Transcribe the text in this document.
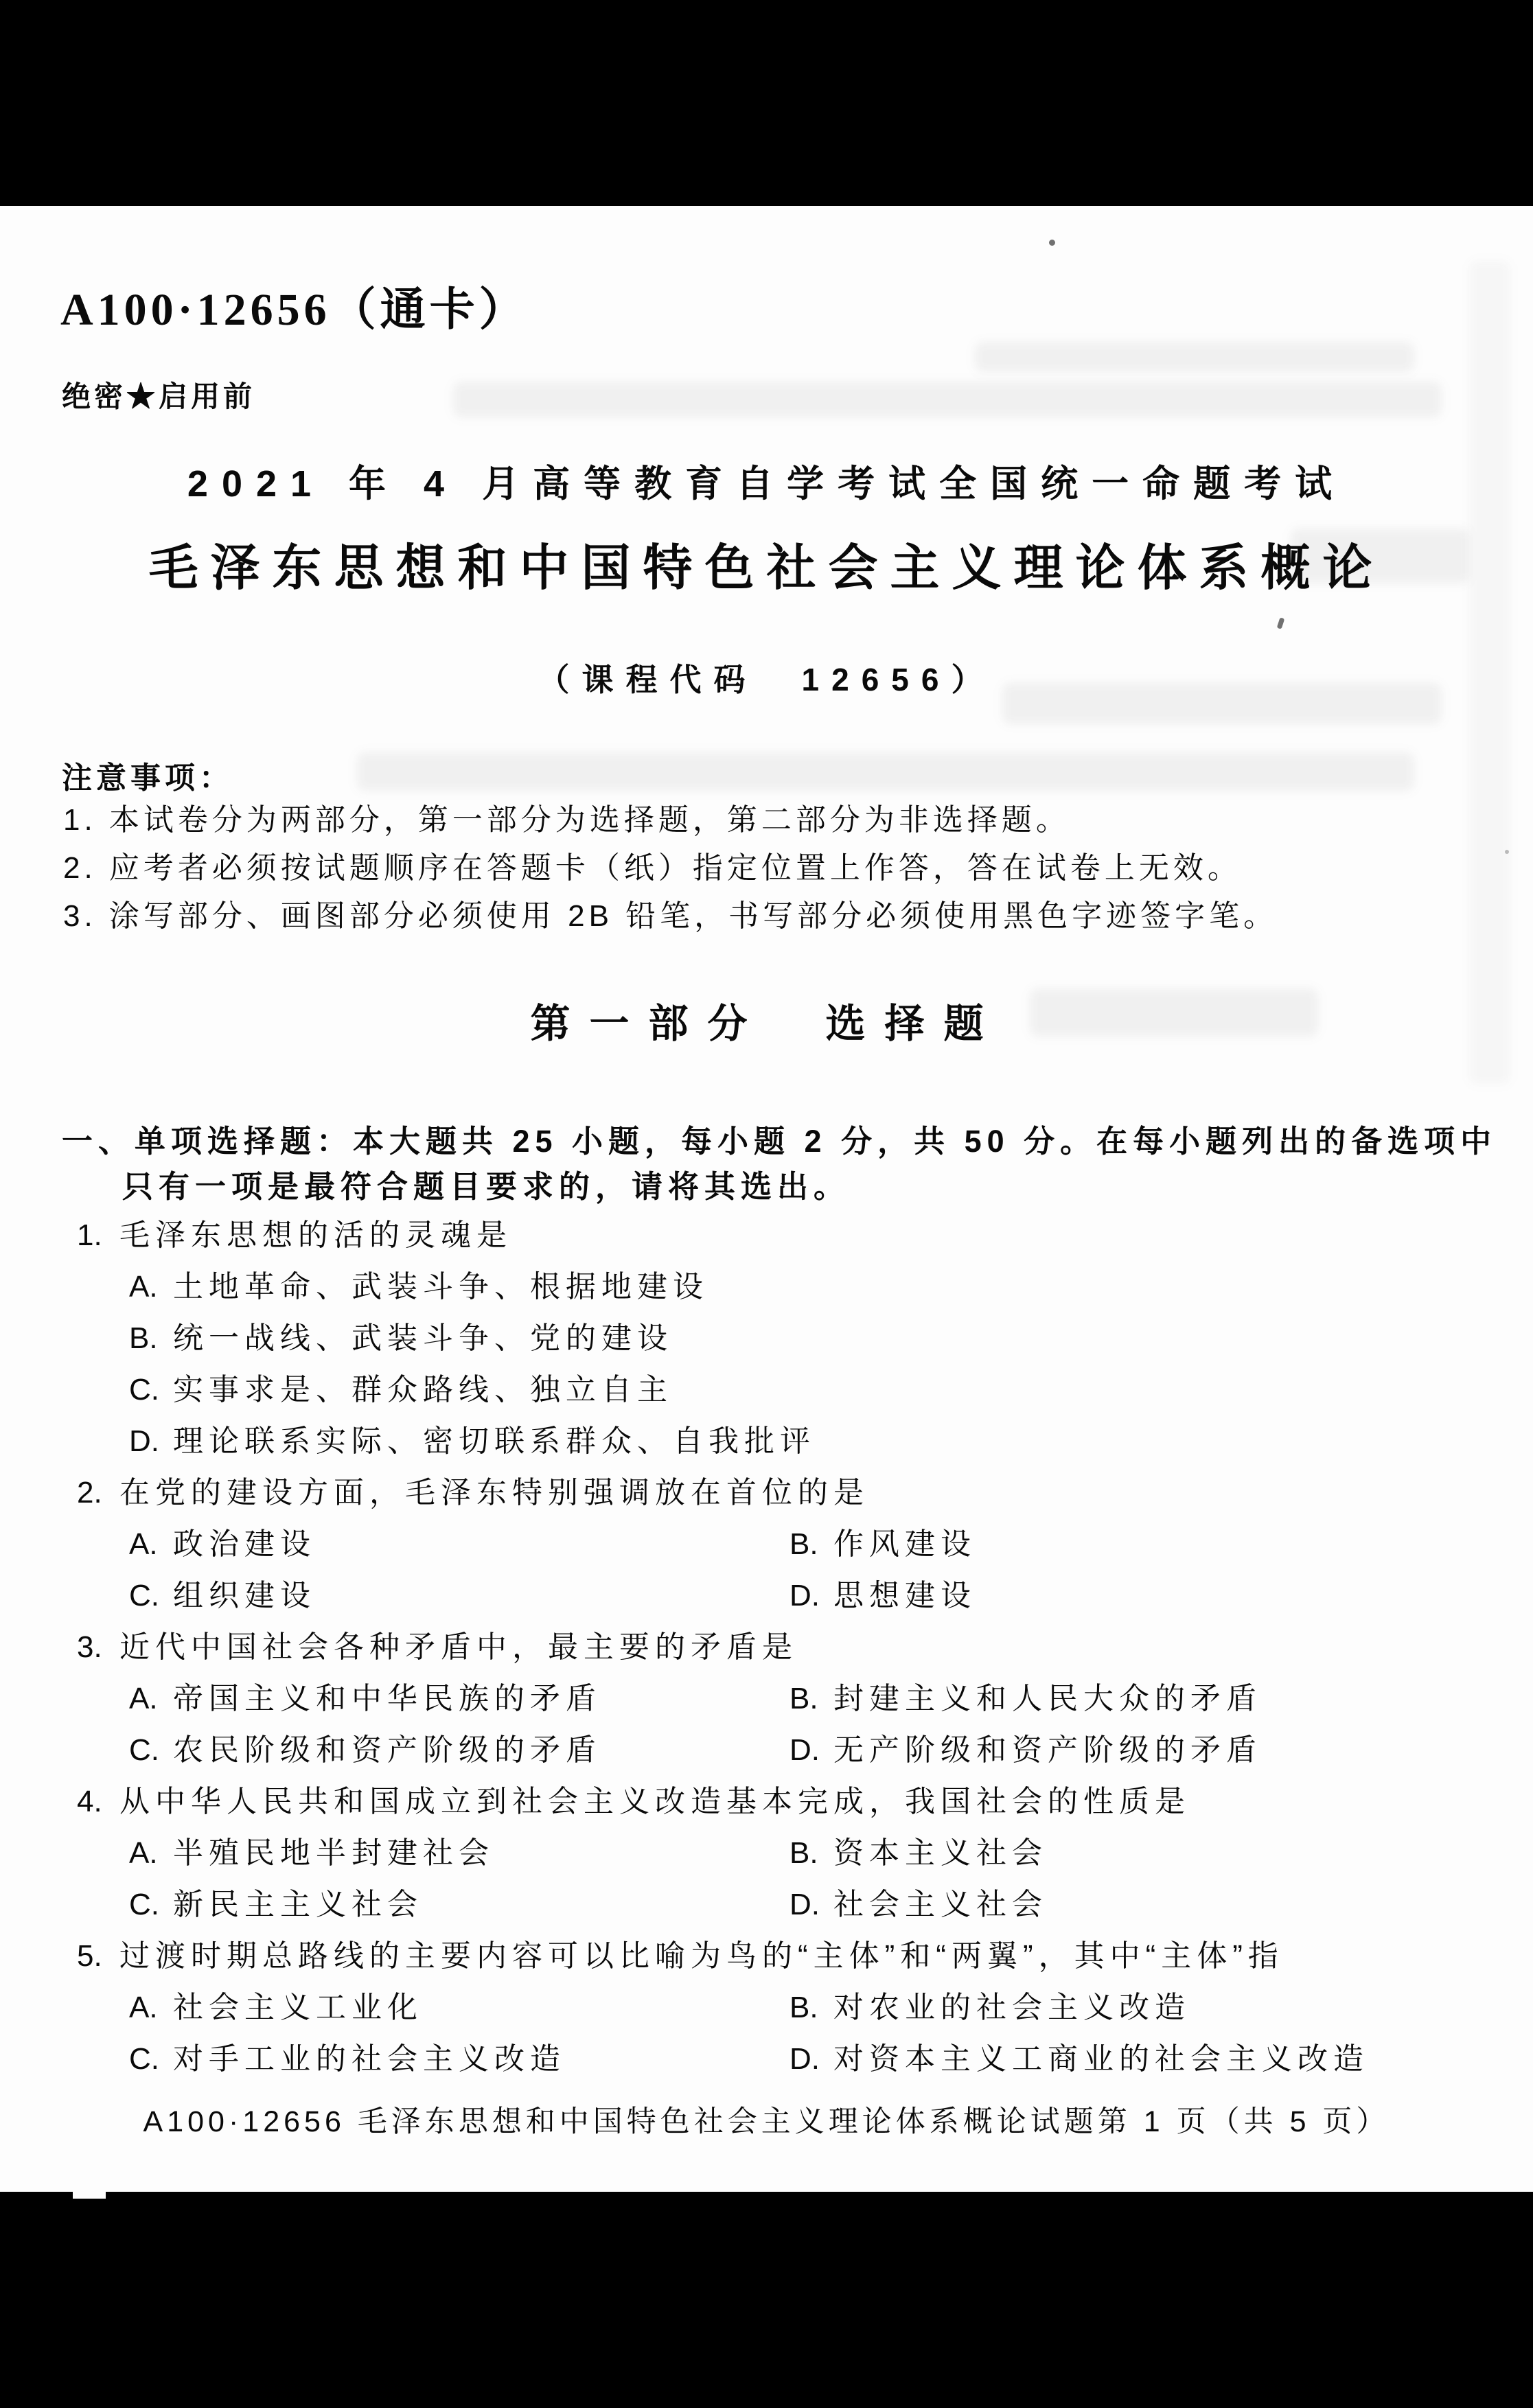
A100·12656（通卡）
绝密★启用前
2021 年 4 月高等教育自学考试全国统一命题考试
毛泽东思想和中国特色社会主义理论体系概论
（课程代码　12656）
注意事项：
1. 本试卷分为两部分，第一部分为选择题，第二部分为非选择题。
2. 应考者必须按试题顺序在答题卡（纸）指定位置上作答，答在试卷上无效。
3. 涂写部分、画图部分必须使用 2B 铅笔，书写部分必须使用黑色字迹签字笔。
第一部分　选择题
一、单项选择题：本大题共 25 小题，每小题 2 分，共 50 分。在每小题列出的备选项中
只有一项是最符合题目要求的，请将其选出。
1. 毛泽东思想的活的灵魂是
A. 土地革命、武装斗争、根据地建设
B. 统一战线、武装斗争、党的建设
C. 实事求是、群众路线、独立自主
D. 理论联系实际、密切联系群众、自我批评
2. 在党的建设方面，毛泽东特别强调放在首位的是
A. 政治建设	B. 作风建设
C. 组织建设	D. 思想建设
3. 近代中国社会各种矛盾中，最主要的矛盾是
A. 帝国主义和中华民族的矛盾	B. 封建主义和人民大众的矛盾
C. 农民阶级和资产阶级的矛盾	D. 无产阶级和资产阶级的矛盾
4. 从中华人民共和国成立到社会主义改造基本完成，我国社会的性质是
A. 半殖民地半封建社会	B. 资本主义社会
C. 新民主主义社会	D. 社会主义社会
5. 过渡时期总路线的主要内容可以比喻为鸟的“主体”和“两翼”，其中“主体”指
A. 社会主义工业化	B. 对农业的社会主义改造
C. 对手工业的社会主义改造	D. 对资本主义工商业的社会主义改造
A100·12656 毛泽东思想和中国特色社会主义理论体系概论试题第 1 页（共 5 页）
